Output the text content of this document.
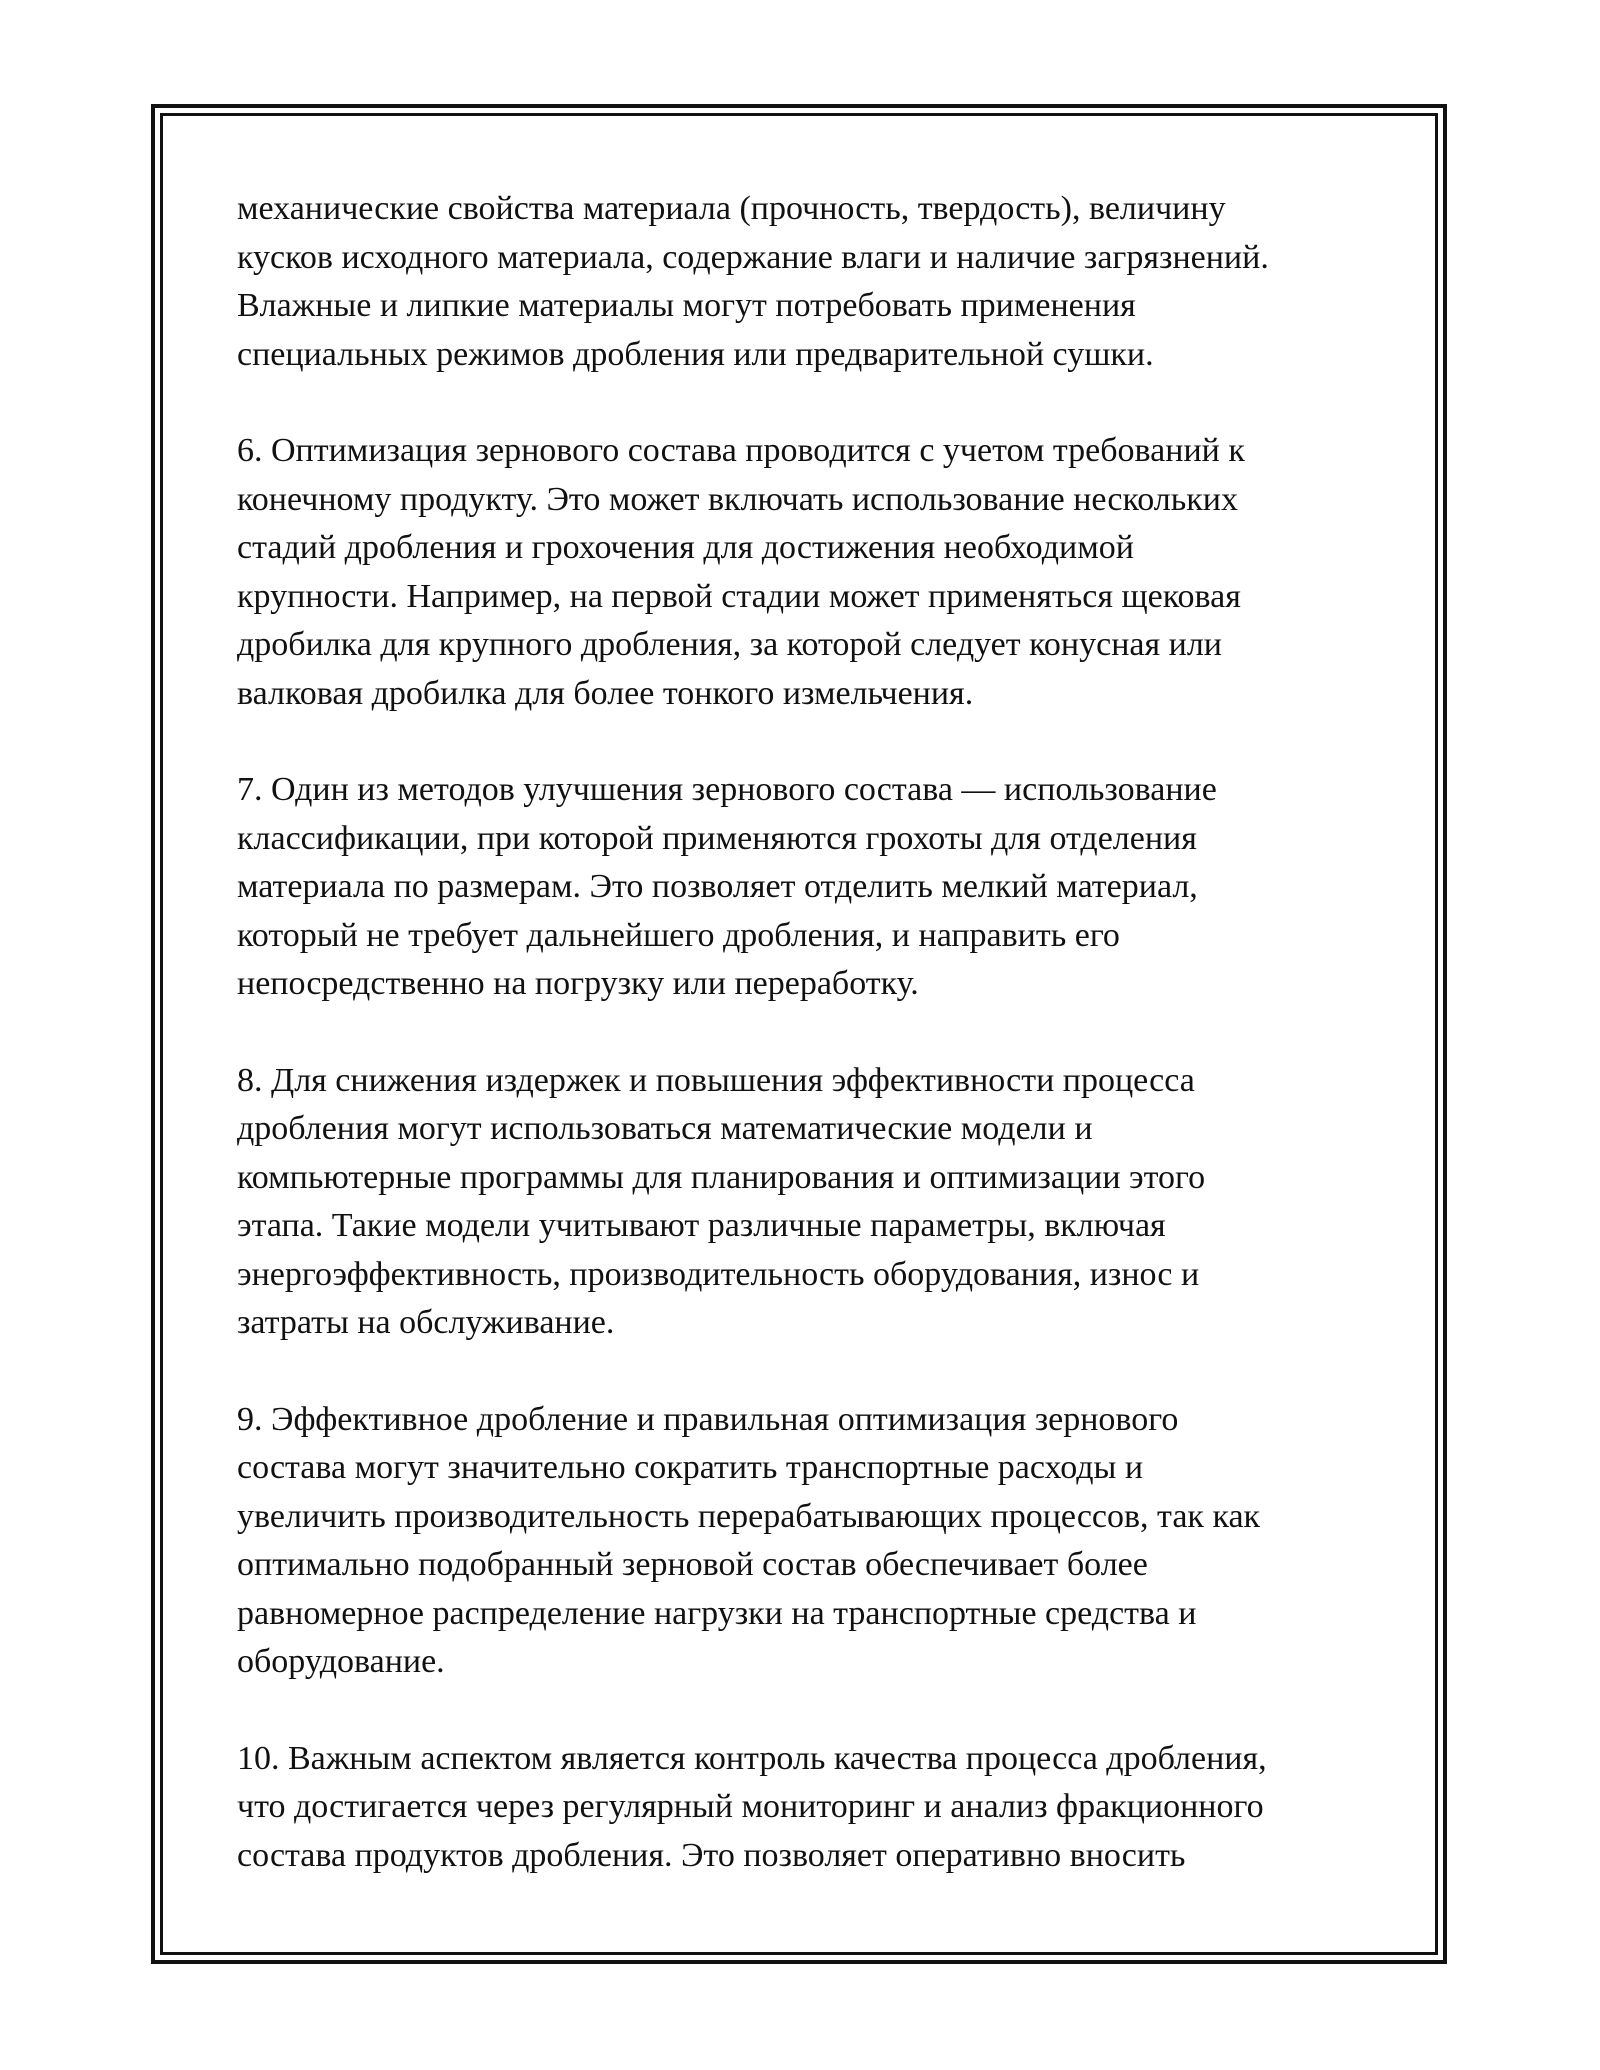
механические свойства материала (прочность, твердость), величину
кусков исходного материала, содержание влаги и наличие загрязнений.
Влажные и липкие материалы могут потребовать применения
специальных режимов дробления или предварительной сушки.

6. Оптимизация зернового состава проводится с учетом требований к
конечному продукту. Это может включать использование нескольких
стадий дробления и грохочения для достижения необходимой
крупности. Например, на первой стадии может применяться щековая
дробилка для крупного дробления, за которой следует конусная или
валковая дробилка для более тонкого измельчения.

7. Один из методов улучшения зернового состава — использование
классификации, при которой применяются грохоты для отделения
материала по размерам. Это позволяет отделить мелкий материал,
который не требует дальнейшего дробления, и направить его
непосредственно на погрузку или переработку.

8. Для снижения издержек и повышения эффективности процесса
дробления могут использоваться математические модели и
компьютерные программы для планирования и оптимизации этого
этапа. Такие модели учитывают различные параметры, включая
энергоэффективность, производительность оборудования, износ и
затраты на обслуживание.

9. Эффективное дробление и правильная оптимизация зернового
состава могут значительно сократить транспортные расходы и
увеличить производительность перерабатывающих процессов, так как
оптимально подобранный зерновой состав обеспечивает более
равномерное распределение нагрузки на транспортные средства и
оборудование.

10. Важным аспектом является контроль качества процесса дробления,
что достигается через регулярный мониторинг и анализ фракционного
состава продуктов дробления. Это позволяет оперативно вносить
